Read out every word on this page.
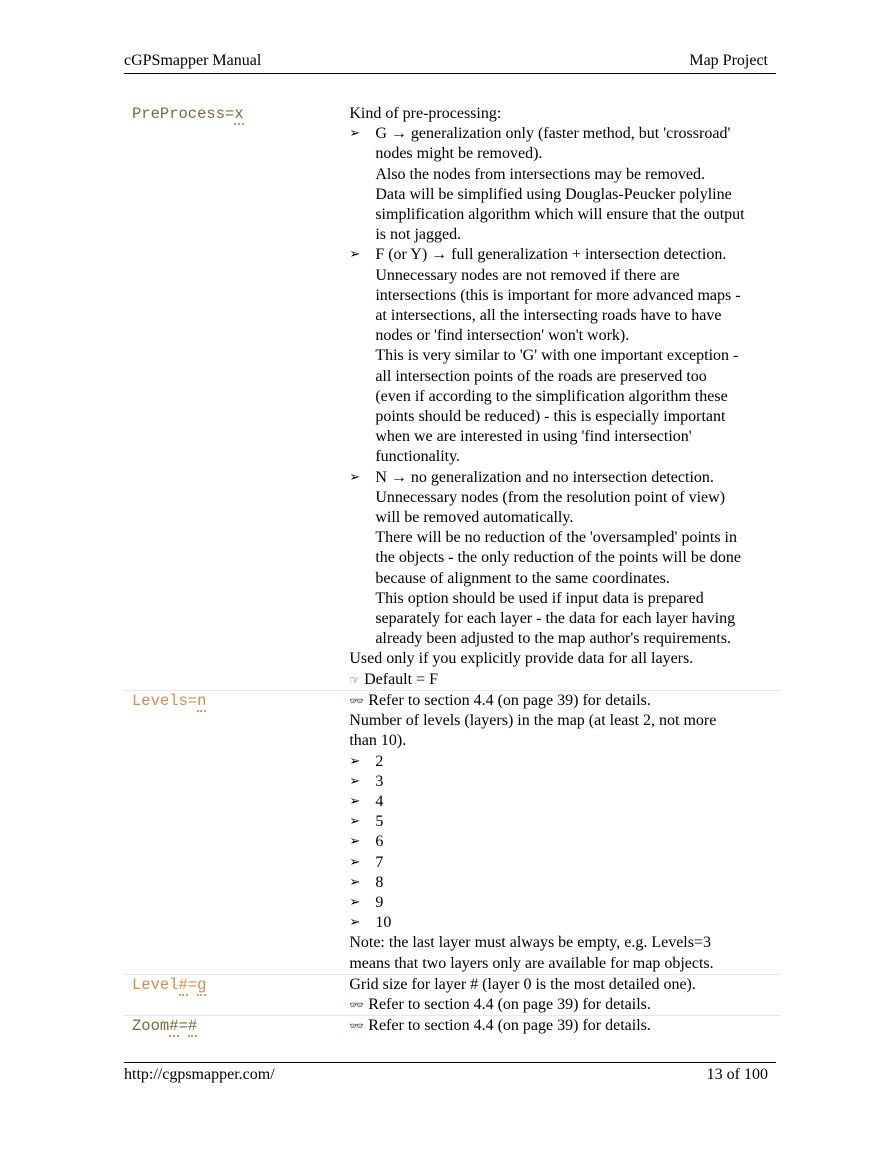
cGPSmapper Manual	Map Project
PreProcess=x	Kind of pre-processing:

➢ G → generalization only (faster method, but 'crossroad'

nodes might be removed).

Also the nodes from intersections may be removed.

Data will be simplified using Douglas-Peucker polyline

simplification algorithm which will ensure that the output

is not jagged.

➢ F (or Y) → full generalization + intersection detection.

Unnecessary nodes are not removed if there are

intersections (this is important for more advanced maps -

at intersections, all the intersecting roads have to have

nodes or 'find intersection' won't work).

This is very similar to 'G' with one important exception -

all intersection points of the roads are preserved too

(even if according to the simplification algorithm these

points should be reduced) - this is especially important

when we are interested in using 'find intersection'

functionality.

➢ N → no generalization and no intersection detection.

Unnecessary nodes (from the resolution point of view)

will be removed automatically.

There will be no reduction of the 'oversampled' points in

the objects - the only reduction of the points will be done

because of alignment to the same coordinates.

This option should be used if input data is prepared

separately for each layer - the data for each layer having

already been adjusted to the map author's requirements.

Used only if you explicitly provide data for all layers.

☞ Default = F

Levels=n	👓 Refer to section 4.4 (on page 39) for details.

Number of levels (layers) in the map (at least 2, not more

than 10).

➢ 2

➢ 3

➢ 4

➢ 5

➢ 6

➢ 7

➢ 8

➢ 9

➢ 10

Note: the last layer must always be empty, e.g. Levels=3

means that two layers only are available for map objects.

Level#=g	Grid size for layer # (layer 0 is the most detailed one).

👓 Refer to section 4.4 (on page 39) for details.

Zoom#=#	👓 Refer to section 4.4 (on page 39) for details.

http://cgpsmapper.com/	13 of 100
